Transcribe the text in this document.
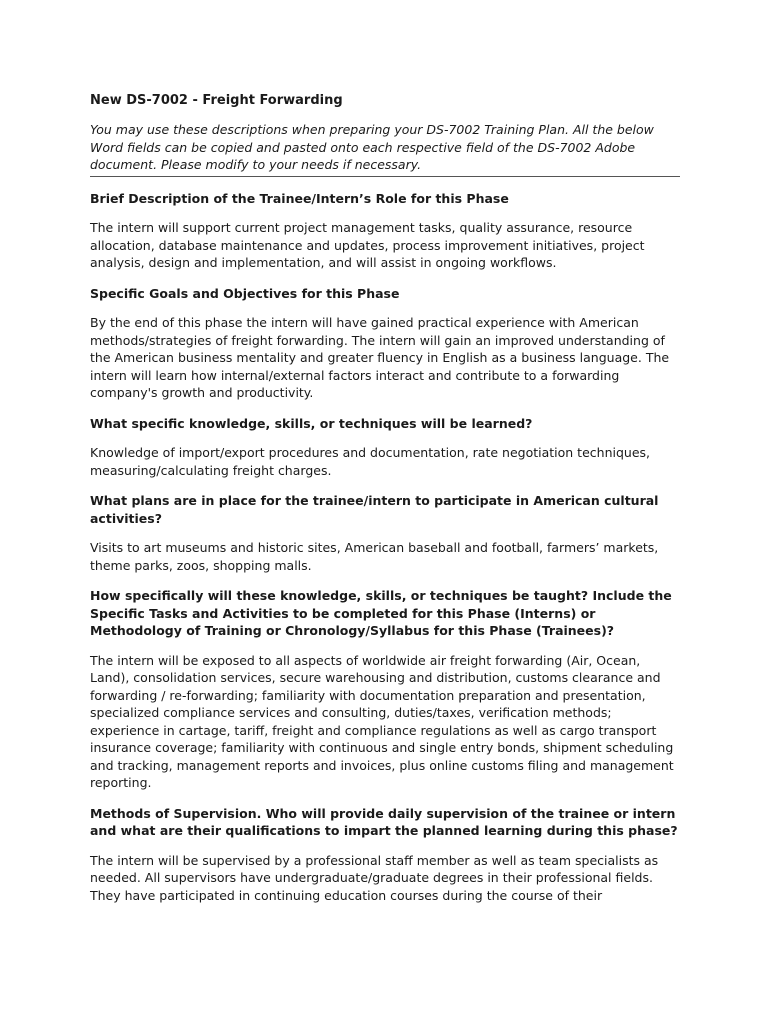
New DS-7002 - Freight Forwarding

You may use these descriptions when preparing your DS-7002 Training Plan. All the below Word fields can be copied and pasted onto each respective field of the DS-7002 Adobe document. Please modify to your needs if necessary.

Brief Description of the Trainee/Intern’s Role for this Phase

The intern will support current project management tasks, quality assurance, resource allocation, database maintenance and updates, process improvement initiatives, project analysis, design and implementation, and will assist in ongoing workflows.

Specific Goals and Objectives for this Phase

By the end of this phase the intern will have gained practical experience with American methods/strategies of freight forwarding. The intern will gain an improved understanding of the American business mentality and greater fluency in English as a business language. The intern will learn how internal/external factors interact and contribute to a forwarding company's growth and productivity.

What specific knowledge, skills, or techniques will be learned?

Knowledge of import/export procedures and documentation, rate negotiation techniques, measuring/calculating freight charges.

What plans are in place for the trainee/intern to participate in American cultural activities?

Visits to art museums and historic sites, American baseball and football, farmers’ markets, theme parks, zoos, shopping malls.

How specifically will these knowledge, skills, or techniques be taught? Include the Specific Tasks and Activities to be completed for this Phase (Interns) or Methodology of Training or Chronology/Syllabus for this Phase (Trainees)?

The intern will be exposed to all aspects of worldwide air freight forwarding (Air, Ocean, Land), consolidation services, secure warehousing and distribution, customs clearance and forwarding / re-forwarding; familiarity with documentation preparation and presentation, specialized compliance services and consulting, duties/taxes, verification methods; experience in cartage, tariff, freight and compliance regulations as well as cargo transport insurance coverage; familiarity with continuous and single entry bonds, shipment scheduling and tracking, management reports and invoices, plus online customs filing and management reporting.

Methods of Supervision. Who will provide daily supervision of the trainee or intern and what are their qualifications to impart the planned learning during this phase?

The intern will be supervised by a professional staff member as well as team specialists as needed. All supervisors have undergraduate/graduate degrees in their professional fields. They have participated in continuing education courses during the course of their
